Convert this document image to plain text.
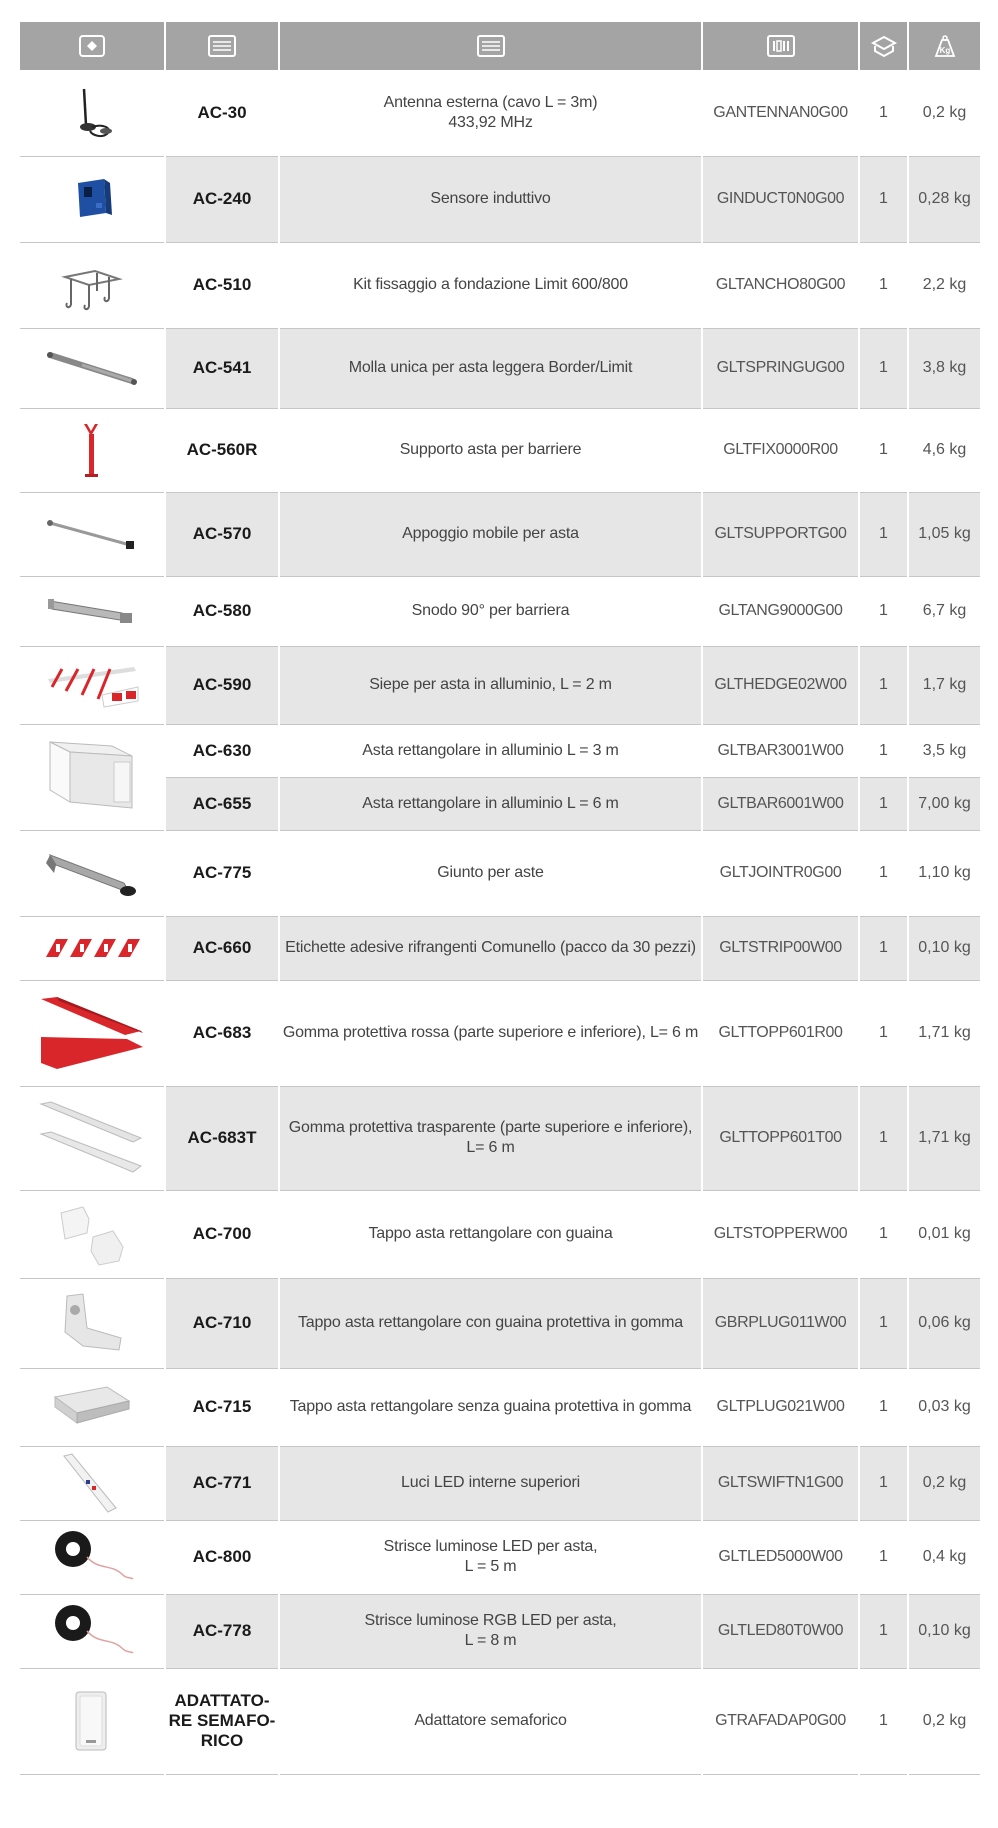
Kg

	AC-30	Antenna esterna (cavo L = 3m)
433,92 MHz	GANTENNAN0G00	1	0,2 kg

	AC-240	Sensore induttivo	GINDUCT0N0G00	1	0,28 kg

	AC-510	Kit fissaggio a fondazione Limit 600/800	GLTANCHO80G00	1	2,2 kg

	AC-541	Molla unica per asta leggera Border/Limit	GLTSPRINGUG00	1	3,8 kg

	AC-560R	Supporto asta per barriere	GLTFIX0000R00	1	4,6 kg

	AC-570	Appoggio mobile per asta	GLTSUPPORTG00	1	1,05 kg

	AC-580	Snodo 90° per barriera	GLTANG9000G00	1	6,7 kg

	AC-590	Siepe per asta in alluminio, L = 2 m	GLTHEDGE02W00	1	1,7 kg

	AC-630	Asta rettangolare in alluminio L = 3 m	GLTBAR3001W00	1	3,5 kg
	AC-655	Asta rettangolare in alluminio L = 6 m	GLTBAR6001W00	1	7,00 kg

	AC-775	Giunto per aste	GLTJOINTR0G00	1	1,10 kg

	AC-660	Etichette adesive rifrangenti Comunello (pacco da 30 pezzi)	GLTSTRIP00W00	1	0,10 kg

	AC-683	Gomma protettiva rossa (parte superiore e inferiore), L= 6 m	GLTTOPP601R00	1	1,71 kg

	AC-683T	Gomma protettiva trasparente (parte superiore e inferiore),
L= 6 m	GLTTOPP601T00	1	1,71 kg

	AC-700	Tappo asta rettangolare con guaina	GLTSTOPPERW00	1	0,01 kg

	AC-710	Tappo asta rettangolare con guaina protettiva in gomma	GBRPLUG011W00	1	0,06 kg

	AC-715	Tappo asta rettangolare senza guaina protettiva in gomma	GLTPLUG021W00	1	0,03 kg

	AC-771	Luci LED interne superiori	GLTSWIFTN1G00	1	0,2 kg

	AC-800	Strisce luminose LED per asta,
L = 5 m	GLTLED5000W00	1	0,4 kg

	AC-778	Strisce luminose RGB LED per asta,
L = 8 m	GLTLED80T0W00	1	0,10 kg

ADATTATO-
RE SEMAFO-
RICO	Adattatore semaforico	GTRAFADAP0G00	1	0,2 kg
